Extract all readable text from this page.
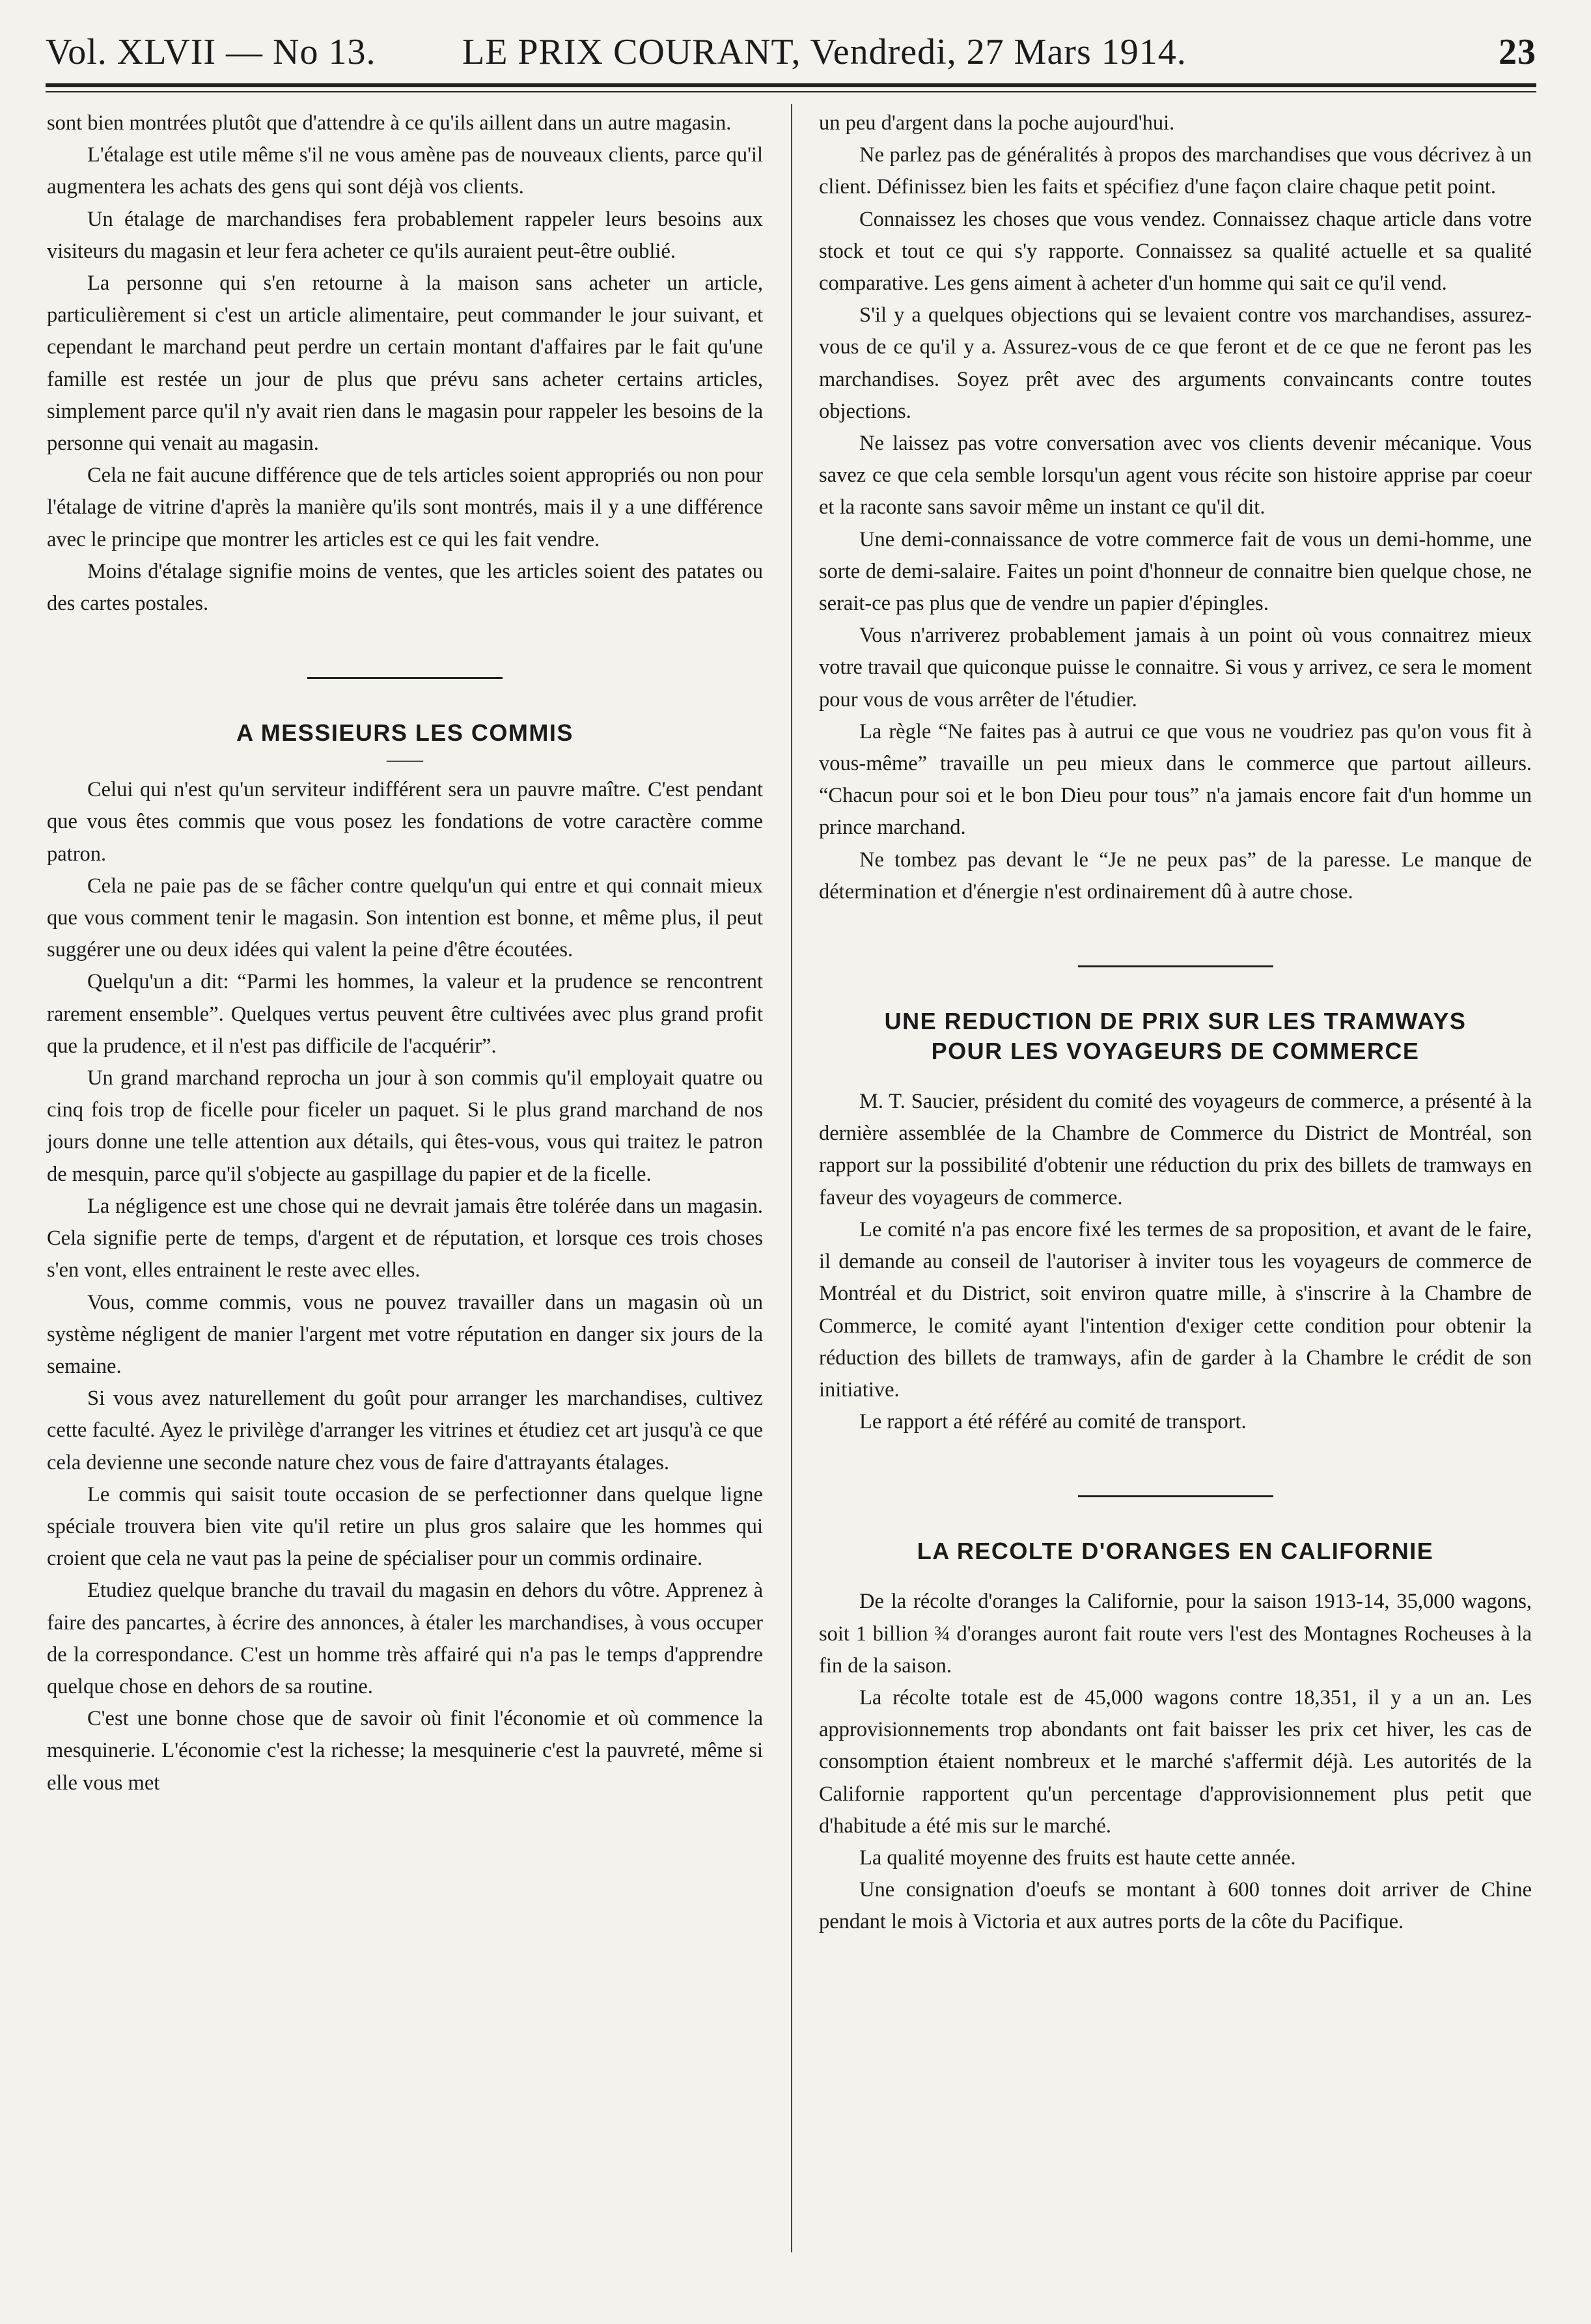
Vol. XLVII — No 13. LE PRIX COURANT, Vendredi, 27 Mars 1914.	23

sont bien montrées plutôt que d'attendre à ce qu'ils aillent dans un autre magasin.

L'étalage est utile même s'il ne vous amène pas de nouveaux clients, parce qu'il augmentera les achats des gens qui sont déjà vos clients.

Un étalage de marchandises fera probablement rappeler leurs besoins aux visiteurs du magasin et leur fera acheter ce qu'ils auraient peut-être oublié.

La personne qui s'en retourne à la maison sans acheter un article, particulièrement si c'est un article alimentaire, peut commander le jour suivant, et cependant le marchand peut perdre un certain montant d'affaires par le fait qu'une famille est restée un jour de plus que prévu sans acheter certains articles, simplement parce qu'il n'y avait rien dans le magasin pour rappeler les besoins de la personne qui venait au magasin.

Cela ne fait aucune différence que de tels articles soient appropriés ou non pour l'étalage de vitrine d'après la manière qu'ils sont montrés, mais il y a une différence avec le principe que montrer les articles est ce qui les fait vendre.

Moins d'étalage signifie moins de ventes, que les articles soient des patates ou des cartes postales.

A MESSIEURS LES COMMIS
——

Celui qui n'est qu'un serviteur indifférent sera un pauvre maître. C'est pendant que vous êtes commis que vous posez les fondations de votre caractère comme patron.

Cela ne paie pas de se fâcher contre quelqu'un qui entre et qui connait mieux que vous comment tenir le magasin. Son intention est bonne, et même plus, il peut suggérer une ou deux idées qui valent la peine d'être écoutées.

Quelqu'un a dit: “Parmi les hommes, la valeur et la prudence se rencontrent rarement ensemble”. Quelques vertus peuvent être cultivées avec plus grand profit que la prudence, et il n'est pas difficile de l'acquérir”.

Un grand marchand reprocha un jour à son commis qu'il employait quatre ou cinq fois trop de ficelle pour ficeler un paquet. Si le plus grand marchand de nos jours donne une telle attention aux détails, qui êtes-vous, vous qui traitez le patron de mesquin, parce qu'il s'objecte au gaspillage du papier et de la ficelle.

La négligence est une chose qui ne devrait jamais être tolérée dans un magasin. Cela signifie perte de temps, d'argent et de réputation, et lorsque ces trois choses s'en vont, elles entrainent le reste avec elles.

Vous, comme commis, vous ne pouvez travailler dans un magasin où un système négligent de manier l'argent met votre réputation en danger six jours de la semaine.

Si vous avez naturellement du goût pour arranger les marchandises, cultivez cette faculté. Ayez le privilège d'arranger les vitrines et étudiez cet art jusqu'à ce que cela devienne une seconde nature chez vous de faire d'attrayants étalages.

Le commis qui saisit toute occasion de se perfectionner dans quelque ligne spéciale trouvera bien vite qu'il retire un plus gros salaire que les hommes qui croient que cela ne vaut pas la peine de spécialiser pour un commis ordinaire.

Etudiez quelque branche du travail du magasin en dehors du vôtre. Apprenez à faire des pancartes, à écrire des annonces, à étaler les marchandises, à vous occuper de la correspondance. C'est un homme très affairé qui n'a pas le temps d'apprendre quelque chose en dehors de sa routine.

C'est une bonne chose que de savoir où finit l'économie et où commence la mesquinerie. L'économie c'est la richesse; la mesquinerie c'est la pauvreté, même si elle vous met

un peu d'argent dans la poche aujourd'hui.

Ne parlez pas de généralités à propos des marchandises que vous décrivez à un client. Définissez bien les faits et spécifiez d'une façon claire chaque petit point.

Connaissez les choses que vous vendez. Connaissez chaque article dans votre stock et tout ce qui s'y rapporte. Connaissez sa qualité actuelle et sa qualité comparative. Les gens aiment à acheter d'un homme qui sait ce qu'il vend.

S'il y a quelques objections qui se levaient contre vos marchandises, assurez-vous de ce qu'il y a. Assurez-vous de ce que feront et de ce que ne feront pas les marchandises. Soyez prêt avec des arguments convaincants contre toutes objections.

Ne laissez pas votre conversation avec vos clients devenir mécanique. Vous savez ce que cela semble lorsqu'un agent vous récite son histoire apprise par coeur et la raconte sans savoir même un instant ce qu'il dit.

Une demi-connaissance de votre commerce fait de vous un demi-homme, une sorte de demi-salaire. Faites un point d'honneur de connaitre bien quelque chose, ne serait-ce pas plus que de vendre un papier d'épingles.

Vous n'arriverez probablement jamais à un point où vous connaitrez mieux votre travail que quiconque puisse le connaitre. Si vous y arrivez, ce sera le moment pour vous de vous arrêter de l'étudier.

La règle “Ne faites pas à autrui ce que vous ne voudriez pas qu'on vous fit à vous-même” travaille un peu mieux dans le commerce que partout ailleurs. “Chacun pour soi et le bon Dieu pour tous” n'a jamais encore fait d'un homme un prince marchand.

Ne tombez pas devant le “Je ne peux pas” de la paresse. Le manque de détermination et d'énergie n'est ordinairement dû à autre chose.

UNE REDUCTION DE PRIX SUR LES TRAMWAYS
POUR LES VOYAGEURS DE COMMERCE

M. T. Saucier, président du comité des voyageurs de commerce, a présenté à la dernière assemblée de la Chambre de Commerce du District de Montréal, son rapport sur la possibilité d'obtenir une réduction du prix des billets de tramways en faveur des voyageurs de commerce.

Le comité n'a pas encore fixé les termes de sa proposition, et avant de le faire, il demande au conseil de l'autoriser à inviter tous les voyageurs de commerce de Montréal et du District, soit environ quatre mille, à s'inscrire à la Chambre de Commerce, le comité ayant l'intention d'exiger cette condition pour obtenir la réduction des billets de tramways, afin de garder à la Chambre le crédit de son initiative.

Le rapport a été référé au comité de transport.

LA RECOLTE D'ORANGES EN CALIFORNIE

De la récolte d'oranges la Californie, pour la saison 1913-14, 35,000 wagons, soit 1 billion ¾ d'oranges auront fait route vers l'est des Montagnes Rocheuses à la fin de la saison.

La récolte totale est de 45,000 wagons contre 18,351, il y a un an. Les approvisionnements trop abondants ont fait baisser les prix cet hiver, les cas de consomption étaient nombreux et le marché s'affermit déjà. Les autorités de la Californie rapportent qu'un percentage d'approvisionnement plus petit que d'habitude a été mis sur le marché.

La qualité moyenne des fruits est haute cette année.

Une consignation d'oeufs se montant à 600 tonnes doit arriver de Chine pendant le mois à Victoria et aux autres ports de la côte du Pacifique.
